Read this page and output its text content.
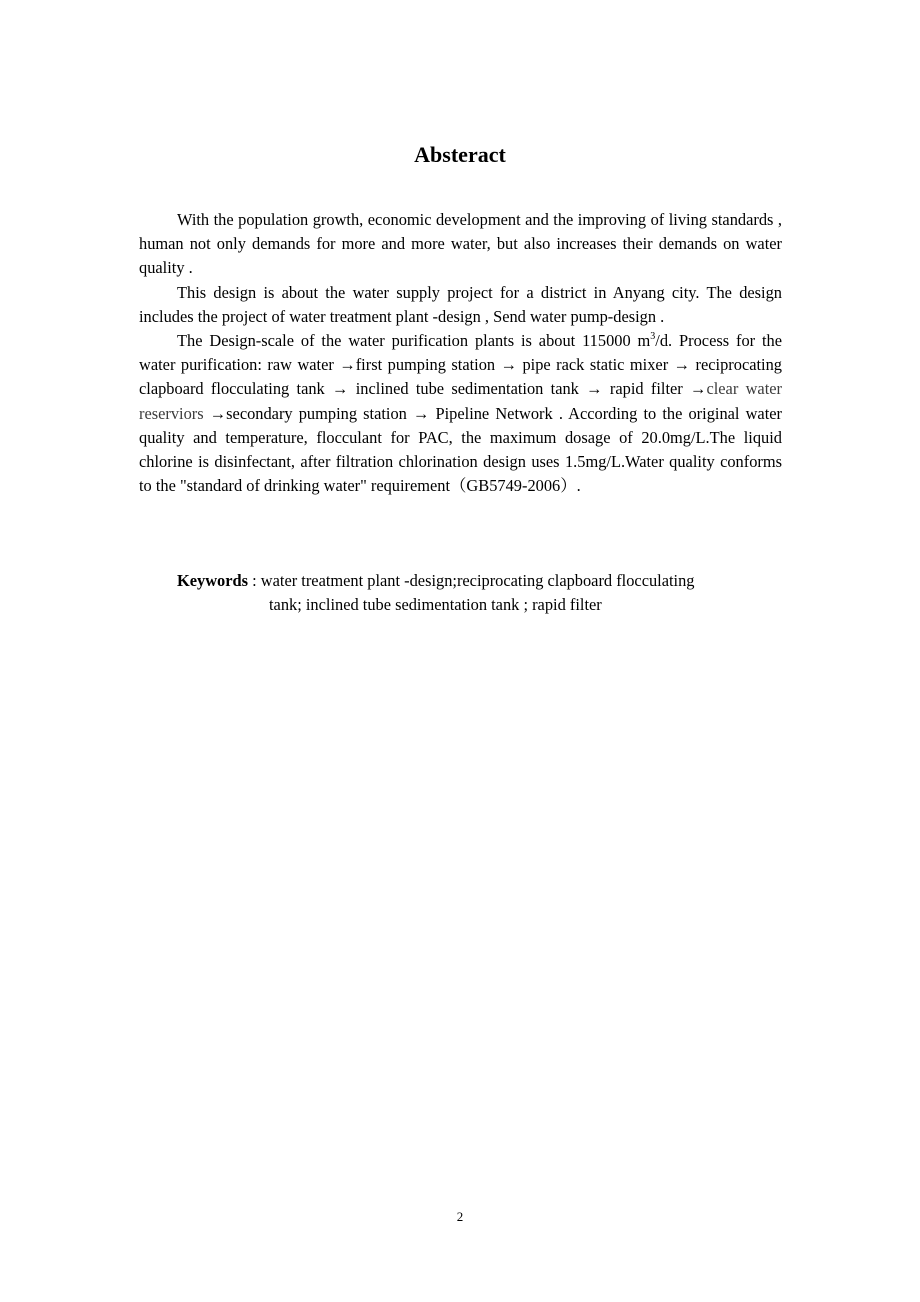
Absteract

With the population growth, economic development and the improving of living standards , human not only demands for more and more water, but also increases their demands on water quality .

This design is about the water supply project for a district in Anyang city. The design includes the project of water treatment plant -design , Send water pump-design .

The Design-scale of the water purification plants is about 115000 $m^3/d$. Process for the water purification: raw water →first pumping station → pipe rack static mixer → reciprocating clapboard flocculating tank → inclined tube sedimentation tank → rapid filter →clear water reserviors →secondary pumping station → Pipeline Network . According to the original water quality and temperature, flocculant for PAC, the maximum dosage of 20.0mg/L.The liquid chlorine is disinfectant, after filtration chlorination design uses 1.5mg/L.Water quality conforms to the "standard of drinking water" requirement（GB5749-2006）.

Keywords : water treatment plant -design;reciprocating clapboard flocculating
tank; inclined tube sedimentation tank ; rapid filter
2
